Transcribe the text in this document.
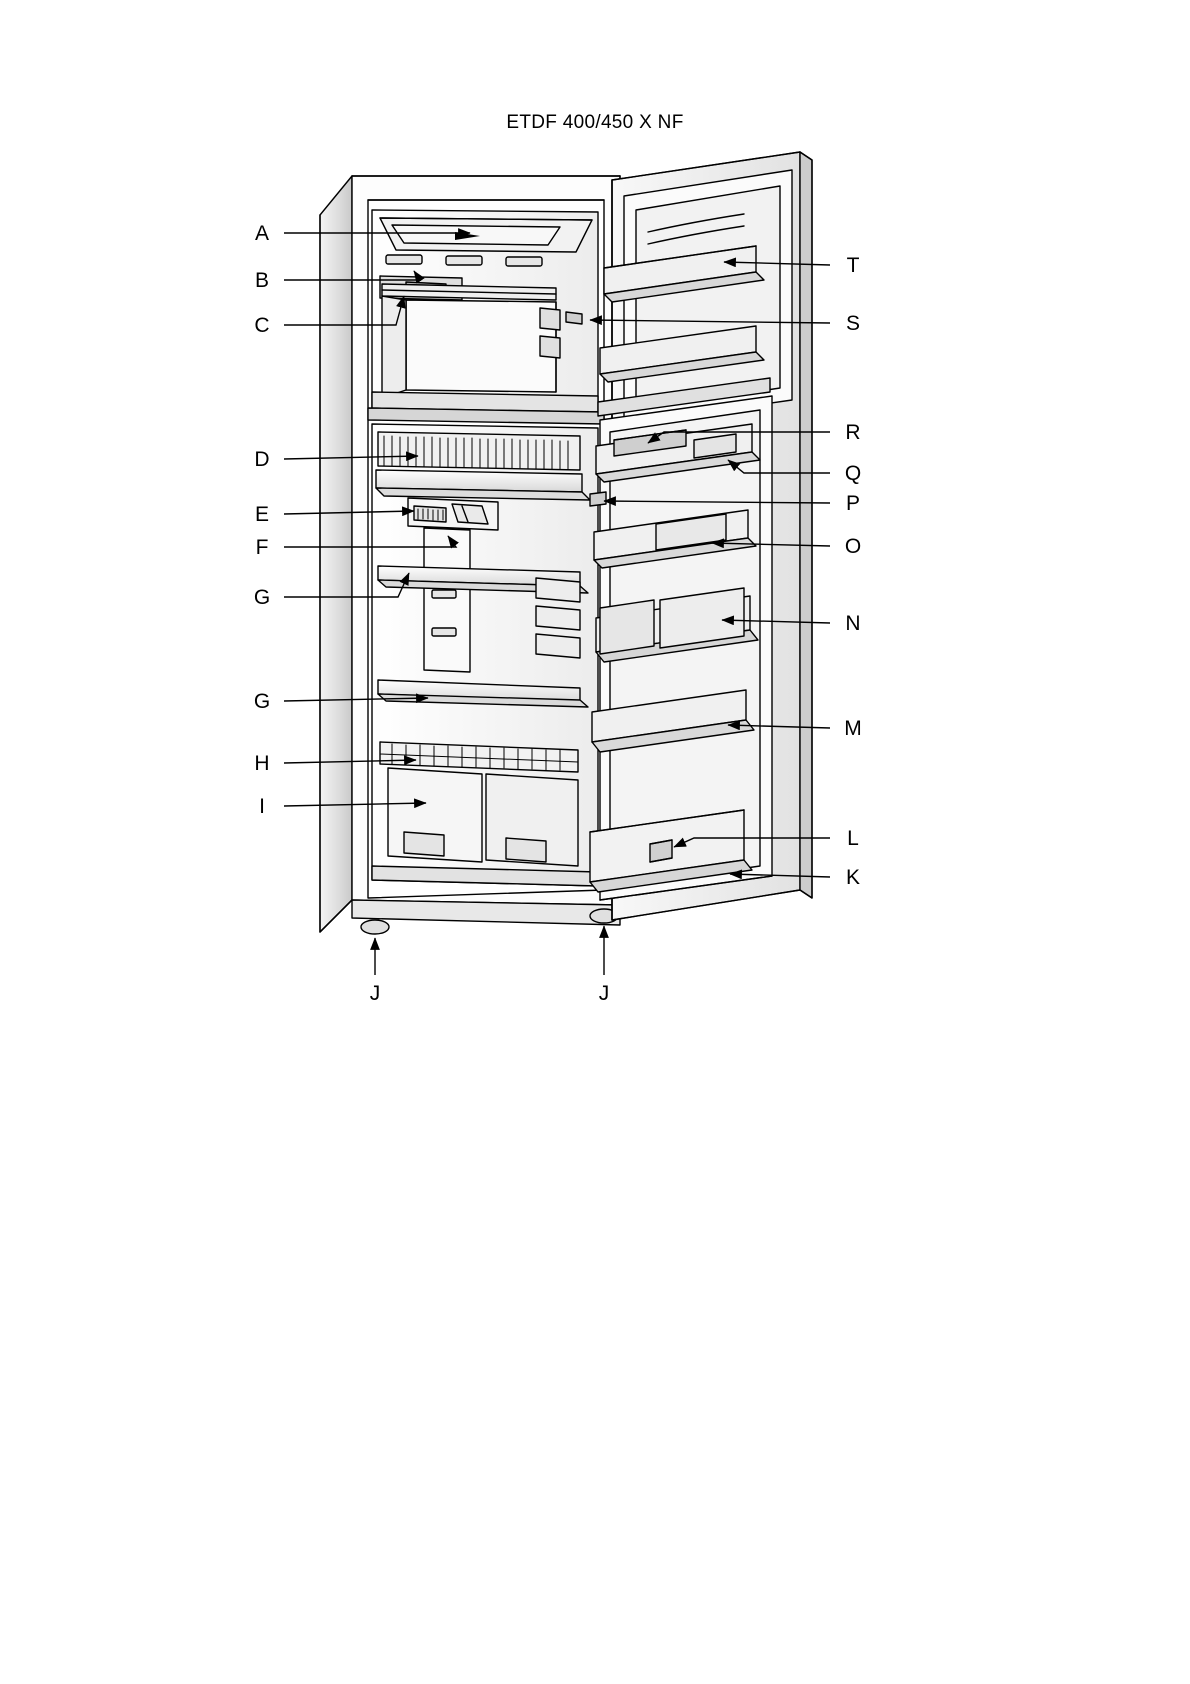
ETDF 400/450 X NF
A
B
C
D
E
F
G
G
H
I
J	J
T
S
R
Q
P
O
N
M
L
K
